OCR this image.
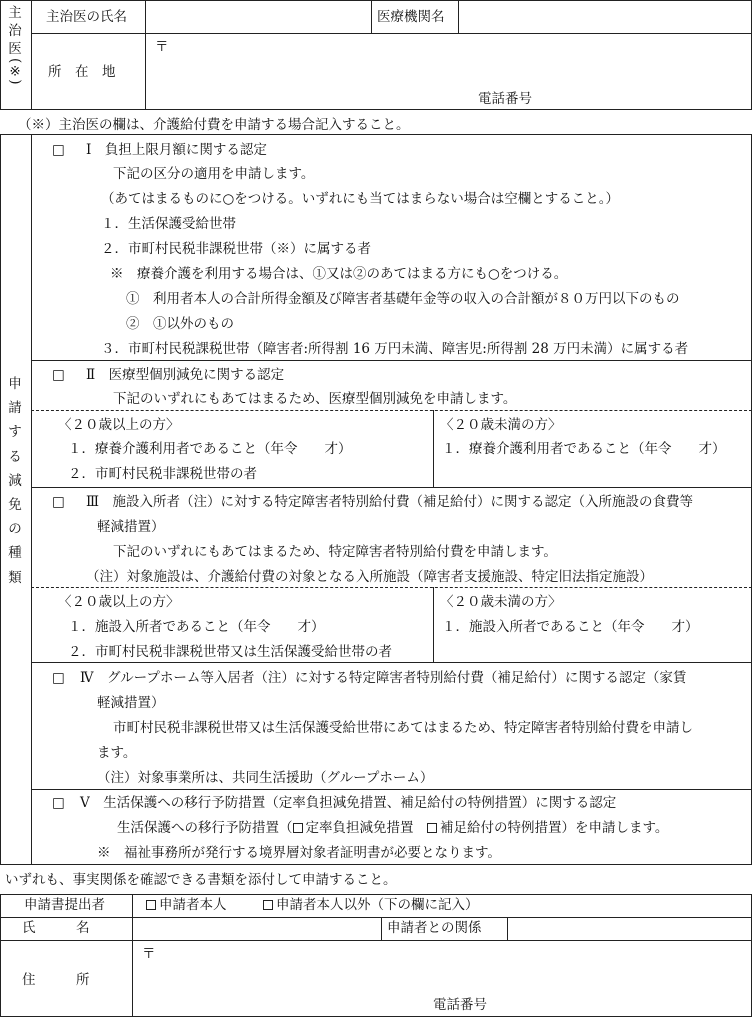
主
治
医
(※)
主治医の氏名	医療機関名
所　在　地
〒
電話番号
（※）主治医の欄は、介護給付費を申請する場合記入すること。
申
請
す
る
減
免
の
種
類
□ Ⅰ　負担上限月額に関する認定
下記の区分の適用を申請します。
（あてはまるものに○をつける。いずれにも当てはまらない場合は空欄とすること。）
１．生活保護受給世帯
２．市町村民税非課税世帯（※）に属する者
※　療養介護を利用する場合は、①又は②のあてはまる方にも○をつける。
①　利用者本人の合計所得金額及び障害者基礎年金等の収入の合計額が８０万円以下のもの
②　①以外のもの
３．市町村民税課税世帯（障害者:所得割 16 万円未満、障害児:所得割 28 万円未満）に属する者
□ Ⅱ　医療型個別減免に関する認定
下記のいずれにもあてはまるため、医療型個別減免を申請します。
〈２０歳以上の方〉
１．療養介護利用者であること（年令　　才）
２．市町村民税非課税世帯の者
〈２０歳未満の方〉
１．療養介護利用者であること（年令　　才）
□ Ⅲ　施設入所者（注）に対する特定障害者特別給付費（補足給付）に関する認定（入所施設の食費等
軽減措置）
下記のいずれにもあてはまるため、特定障害者特別給付費を申請します。
（注）対象施設は、介護給付費の対象となる入所施設（障害者支援施設、特定旧法指定施設）
〈２０歳以上の方〉
１．施設入所者であること（年令　　才）
２．市町村民税非課税世帯又は生活保護受給世帯の者
〈２０歳未満の方〉
１．施設入所者であること（年令　　才）
□ Ⅳ　グループホーム等入居者（注）に対する特定障害者特別給付費（補足給付）に関する認定（家賃
軽減措置）
市町村民税非課税世帯又は生活保護受給世帯にあてはまるため、特定障害者特別給付費を申請し
ます。
（注）対象事業所は、共同生活援助（グループホーム）
□ Ⅴ　生活保護への移行予防措置（定率負担減免措置、補足給付の特例措置）に関する認定
生活保護への移行予防措置（ 定率負担減免措置　 補足給付の特例措置）を申請します。
※　福祉事務所が発行する境界層対象者証明書が必要となります。
いずれも、事実関係を確認できる書類を添付して申請すること。
申請書提出者	申請者本人	申請者本人以外（下の欄に記入）
氏　　　名	申請者との関係
住　　　所
〒
電話番号
